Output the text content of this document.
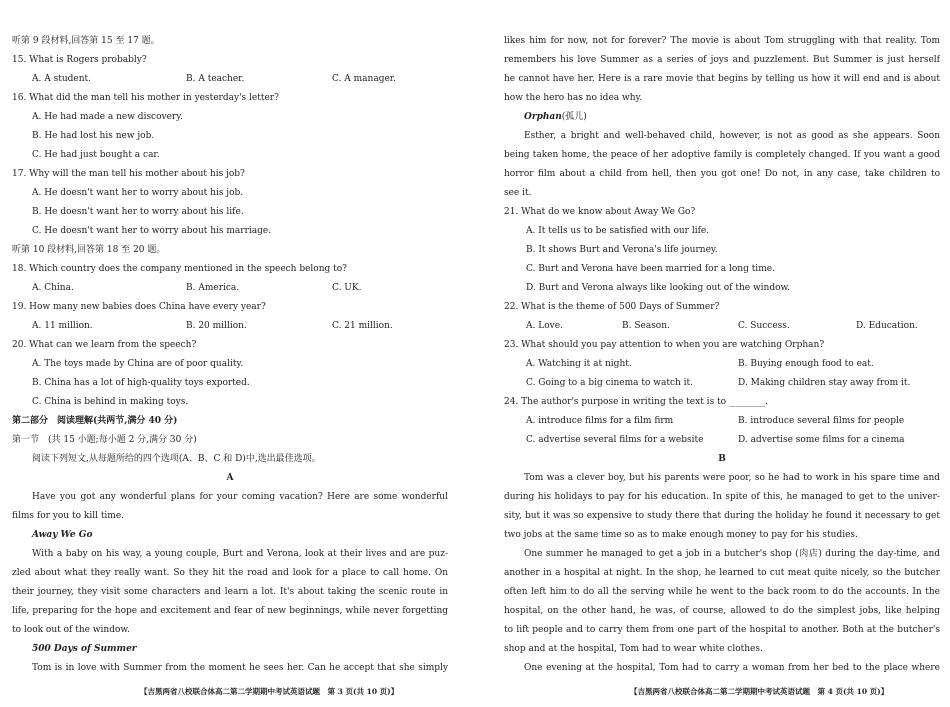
听第 9 段材料,回答第 15 至 17 题。
15. What is Rogers probably?
A. A student.	B. A teacher.	C. A manager.
16. What did the man tell his mother in yesterday's letter?
A. He had made a new discovery.
B. He had lost his new job.
C. He had just bought a car.
17. Why will the man tell his mother about his job?
A. He doesn't want her to worry about his job.
B. He doesn't want her to worry about his life.
C. He doesn't want her to worry about his marriage.
听第 10 段材料,回答第 18 至 20 题。
18. Which country does the company mentioned in the speech belong to?
A. China.	B. America.	C. UK.
19. How many new babies does China have every year?
A. 11 million.	B. 20 million.	C. 21 million.
20. What can we learn from the speech?
A. The toys made by China are of poor quality.
B. China has a lot of high-quality toys exported.
C. China is behind in making toys.
第二部分　阅读理解(共两节,满分 40 分)
第一节　(共 15 小题;每小题 2 分,满分 30 分)
阅读下列短文,从每题所给的四个选项(A、B、C 和 D)中,选出最佳选项。
A
Have you got any wonderful plans for your coming vacation? Here are some wonderful
films for you to kill time.
Away We Go
With a baby on his way, a young couple, Burt and Verona, look at their lives and are puz-
zled about what they really want. So they hit the road and look for a place to call home. On
their journey, they visit some characters and learn a lot. It's about taking the scenic route in
life, preparing for the hope and excitement and fear of new beginnings, while never forgetting
to look out of the window.
500 Days of Summer
Tom is in love with Summer from the moment he sees her. Can he accept that she simply
【吉黑两省八校联合体高二第二学期期中考试英语试题　第 3 页(共 10 页)】
likes him for now, not for forever? The movie is about Tom struggling with that reality. Tom
remembers his love Summer as a series of joys and puzzlement. But Summer is just herself
he cannot have her. Here is a rare movie that begins by telling us how it will end and is about
how the hero has no idea why.
Orphan(孤儿)
Esther, a bright and well-behaved child, however, is not as good as she appears. Soon
being taken home, the peace of her adoptive family is completely changed. If you want a good
horror film about a child from hell, then you got one! Do not, in any case, take children to
see it.
21. What do we know about Away We Go?
A. It tells us to be satisfied with our life.
B. It shows Burt and Verona's life journey.
C. Burt and Verona have been married for a long time.
D. Burt and Verona always like looking out of the window.
22. What is the theme of 500 Days of Summer?
A. Love.	B. Season.	C. Success.	D. Education.
23. What should you pay attention to when you are watching Orphan?
A. Watching it at night.	B. Buying enough food to eat.
C. Going to a big cinema to watch it.	D. Making children stay away from it.
24. The author's purpose in writing the text is to ________.
A. introduce films for a film firm	B. introduce several films for people
C. advertise several films for a website	D. advertise some films for a cinema
B
Tom was a clever boy, but his parents were poor, so he had to work in his spare time and
during his holidays to pay for his education. In spite of this, he managed to get to the univer-
sity, but it was so expensive to study there that during the holiday he found it necessary to get
two jobs at the same time so as to make enough money to pay for his studies.
One summer he managed to get a job in a butcher's shop (肉店) during the day-time, and
another in a hospital at night. In the shop, he learned to cut meat quite nicely, so the butcher
often left him to do all the serving while he went to the back room to do the accounts. In the
hospital, on the other hand, he was, of course, allowed to do the simplest jobs, like helping
to lift people and to carry them from one part of the hospital to another. Both at the butcher's
shop and at the hospital, Tom had to wear white clothes.
One evening at the hospital, Tom had to carry a woman from her bed to the place where
【吉黑两省八校联合体高二第二学期期中考试英语试题　第 4 页(共 10 页)】
